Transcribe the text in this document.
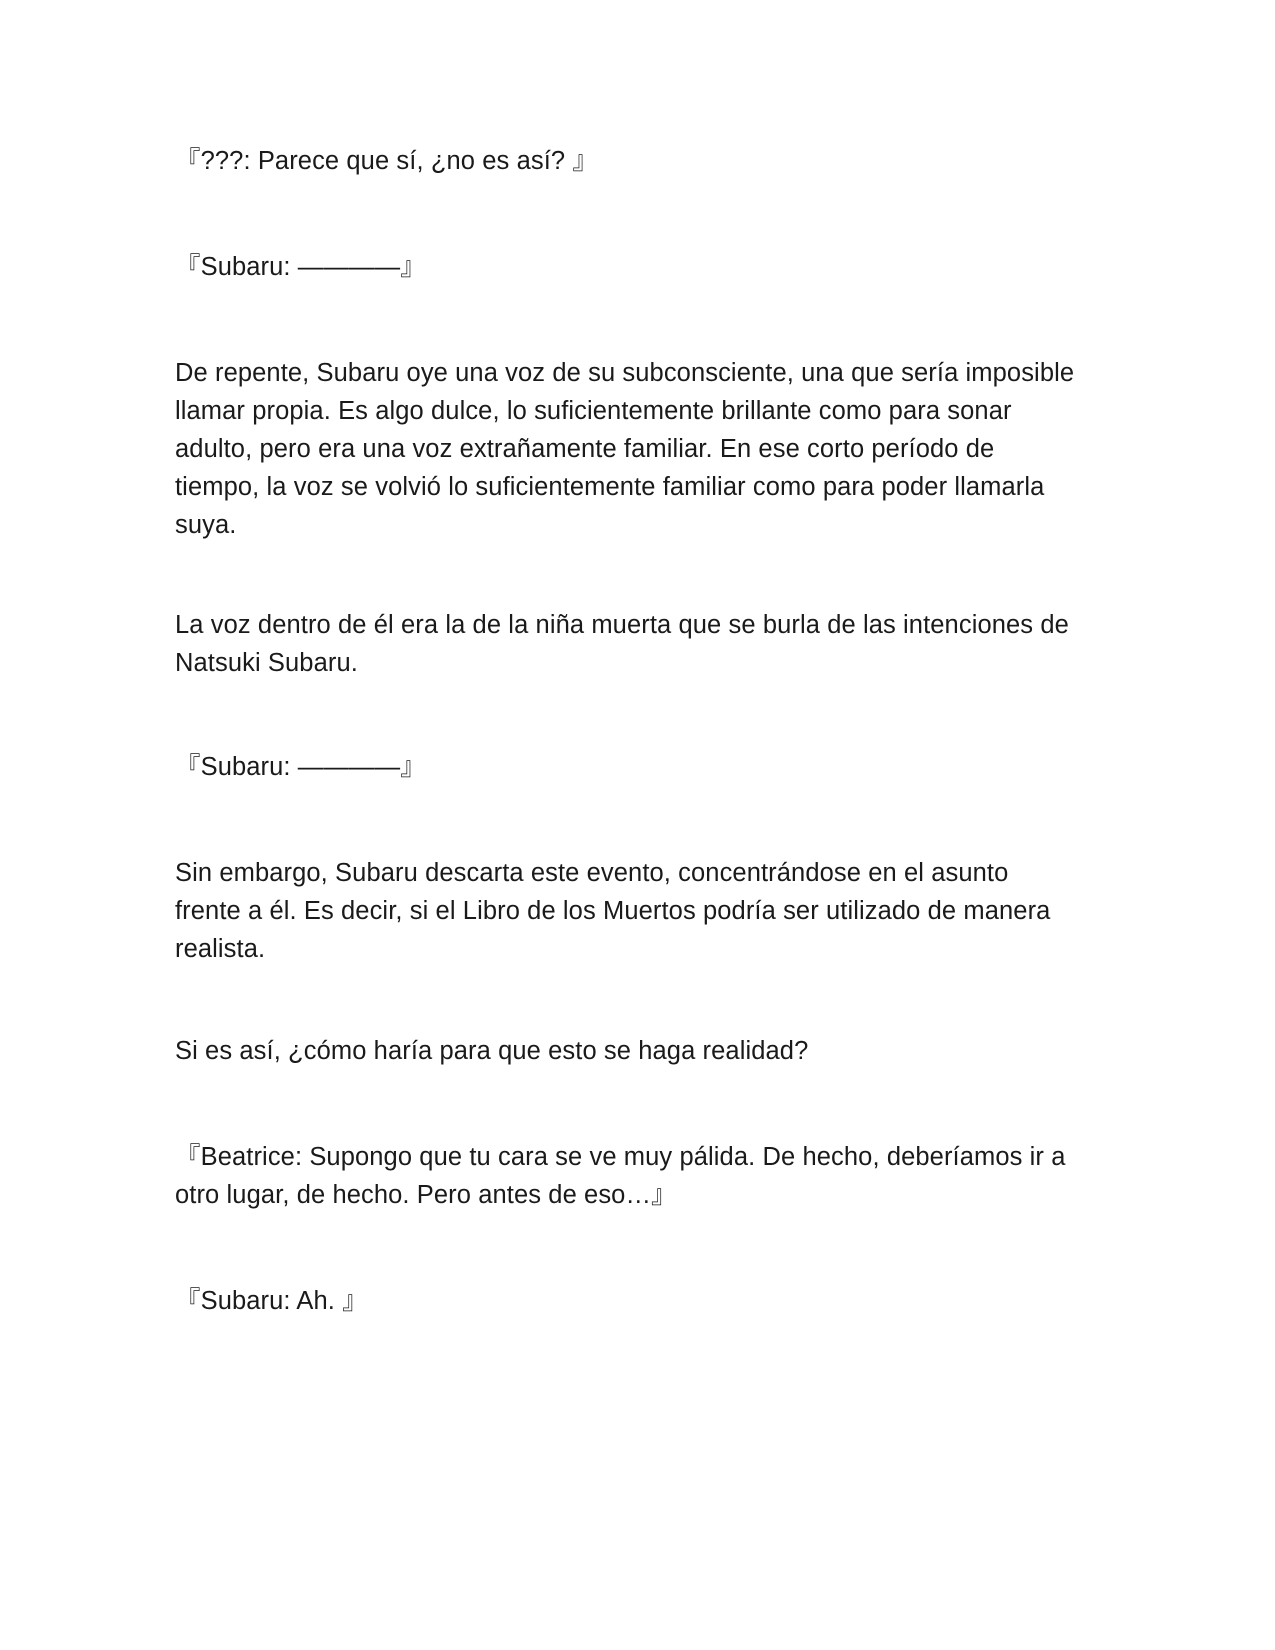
『???: Parece que sí, ¿no es así? 』

『Subaru: ————』

De repente, Subaru oye una voz de su subconsciente, una que sería imposible
llamar propia. Es algo dulce, lo suficientemente brillante como para sonar
adulto, pero era una voz extrañamente familiar. En ese corto período de
tiempo, la voz se volvió lo suficientemente familiar como para poder llamarla
suya.

La voz dentro de él era la de la niña muerta que se burla de las intenciones de
Natsuki Subaru.

『Subaru: ————』

Sin embargo, Subaru descarta este evento, concentrándose en el asunto
frente a él. Es decir, si el Libro de los Muertos podría ser utilizado de manera
realista.

Si es así, ¿cómo haría para que esto se haga realidad?

『Beatrice: Supongo que tu cara se ve muy pálida. De hecho, deberíamos ir a
otro lugar, de hecho. Pero antes de eso…』

『Subaru: Ah. 』
